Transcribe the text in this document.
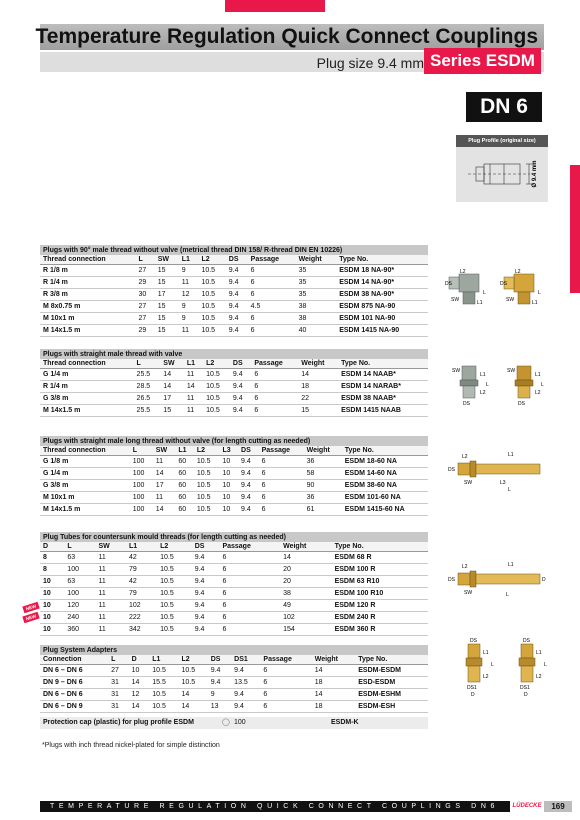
Temperature Regulation Quick Connect Couplings
Plug size 9.4 mm Series ESDM
DN 6
Plug Profile (original size)
Ø 9.4 mm
Plugs with 90° male thread without valve (metrical thread DIN 158/ R-thread DIN EN 10226)
Thread connection	L	SW	L1	L2	DS	Passage	Weight	Type No.
R 1/8 m	27	15	9	10.5	9.4	6	35	ESDM 18 NA-90*
R 1/4 m	29	15	11	10.5	9.4	6	35	ESDM 14 NA-90*
R 3/8 m	30	17	12	10.5	9.4	6	35	ESDM 38 NA-90*
M 8x0.75 m	27	15	9	10.5	9.4	4.5	38	ESDM 875 NA-90
M 10x1 m	27	15	9	10.5	9.4	6	38	ESDM 101 NA-90
M 14x1.5 m	29	15	11	10.5	9.4	6	40	ESDM 1415 NA-90
Plugs with straight male thread with valve
Thread connection	L	SW	L1	L2	DS	Passage	Weight	Type No.
G 1/4 m	25.5	14	11	10.5	9.4	6	14	ESDM 14 NAAB*
R 1/4 m	28.5	14	14	10.5	9.4	6	18	ESDM 14 NARAB*
G 3/8 m	26.5	17	11	10.5	9.4	6	22	ESDM 38 NAAB*
M 14x1.5 m	25.5	15	11	10.5	9.4	6	15	ESDM 1415 NAAB
Plugs with straight male long thread without valve (for length cutting as needed)
Thread connection	L	SW	L1	L2	L3	DS	Passage	Weight	Type No.
G 1/8 m	100	11	60	10.5	10	9.4	6	36	ESDM 18-60 NA
G 1/4 m	100	14	60	10.5	10	9.4	6	58	ESDM 14-60 NA
G 3/8 m	100	17	60	10.5	10	9.4	6	90	ESDM 38-60 NA
M 10x1 m	100	11	60	10.5	10	9.4	6	36	ESDM 101-60 NA
M 14x1.5 m	100	14	60	10.5	10	9.4	6	61	ESDM 1415-60 NA
Plug Tubes for countersunk mould threads (for length cutting as needed)
D	L	SW	L1	L2	DS	Passage	Weight	Type No.
8	63	11	42	10.5	9.4	6	14	ESDM 68 R
8	100	11	79	10.5	9.4	6	20	ESDM 100 R
10	63	11	42	10.5	9.4	6	20	ESDM 63 R10
10	100	11	79	10.5	9.4	6	38	ESDM 100 R10
10	120	11	102	10.5	9.4	6	49	ESDM 120 R
10	240	11	222	10.5	9.4	6	102	ESDM 240 R
10	360	11	342	10.5	9.4	6	154	ESDM 360 R
NEW
NEW
Plug System Adapters
Connection	L	D	L1	L2	DS	DS1	Passage	Weight	Type No.
DN 6 – DN 6	27	10	10.5	10.5	9.4	9.4	6	14	ESDM-ESDM
DN 9 – DN 6	31	14	15.5	10.5	9.4	13.5	6	18	ESD-ESDM
DN 6 – DN 6	31	12	10.5	14	9	9.4	6	14	ESDM-ESHM
DN 6 – DN 9	31	14	10.5	14	13	9.4	6	18	ESDM-ESH
Protection cap (plastic) for plug profile ESDM	◯ 100	ESDM-K
*Plugs with inch thread nickel-plated for simple distinction
L2
DS
SW
L
L1
L2
DS
SW
L
L1
SW
L1
L
L2
DS
SW
L1
L
L2
DS
L2	L1
DS
SW	L3
L
L2	L1
DS	D
SW	L
DS
L1
L
L2
DS1
D
DS
L1
L
L2
DS1
D
TEMPERATURE REGULATION QUICK CONNECT COUPLINGS DN6	LÜDECKE	169
